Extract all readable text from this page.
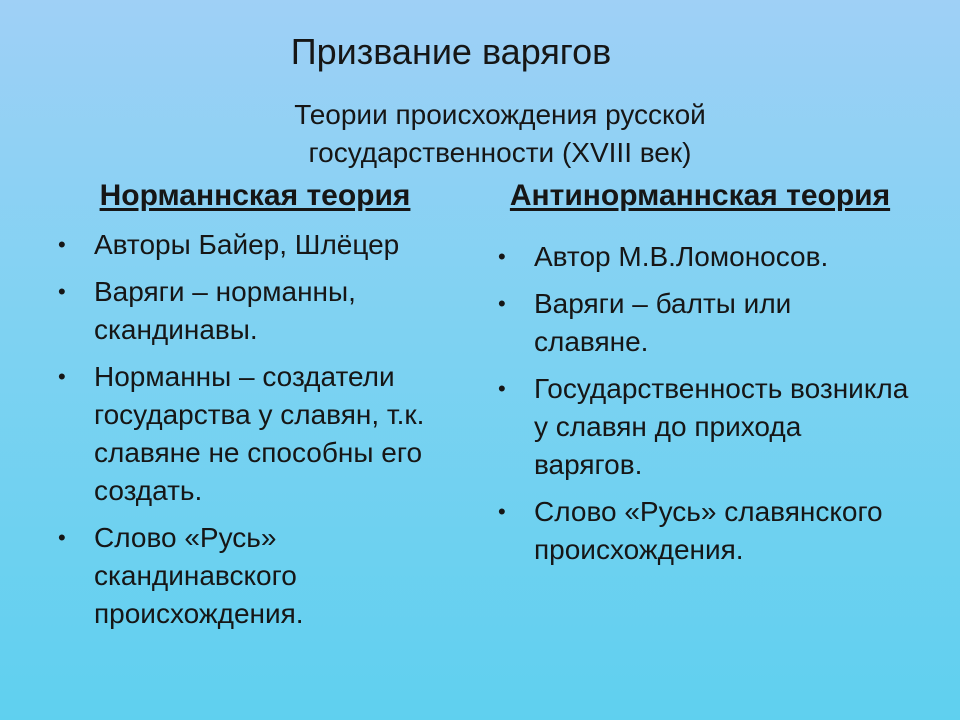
Призвание варягов
Теории происхождения русской государственности (XVIII век)
Норманнская теория
• Авторы Байер, Шлёцер
• Варяги – норманны, скандинавы.
• Норманны – создатели государства у славян, т.к. славяне не способны его создать.
• Слово «Русь» скандинавского происхождения.
Антинорманнская теория
• Автор М.В.Ломоносов.
• Варяги – балты или славяне.
• Государственность возникла у славян до прихода варягов.
• Слово «Русь» славянского происхождения.
